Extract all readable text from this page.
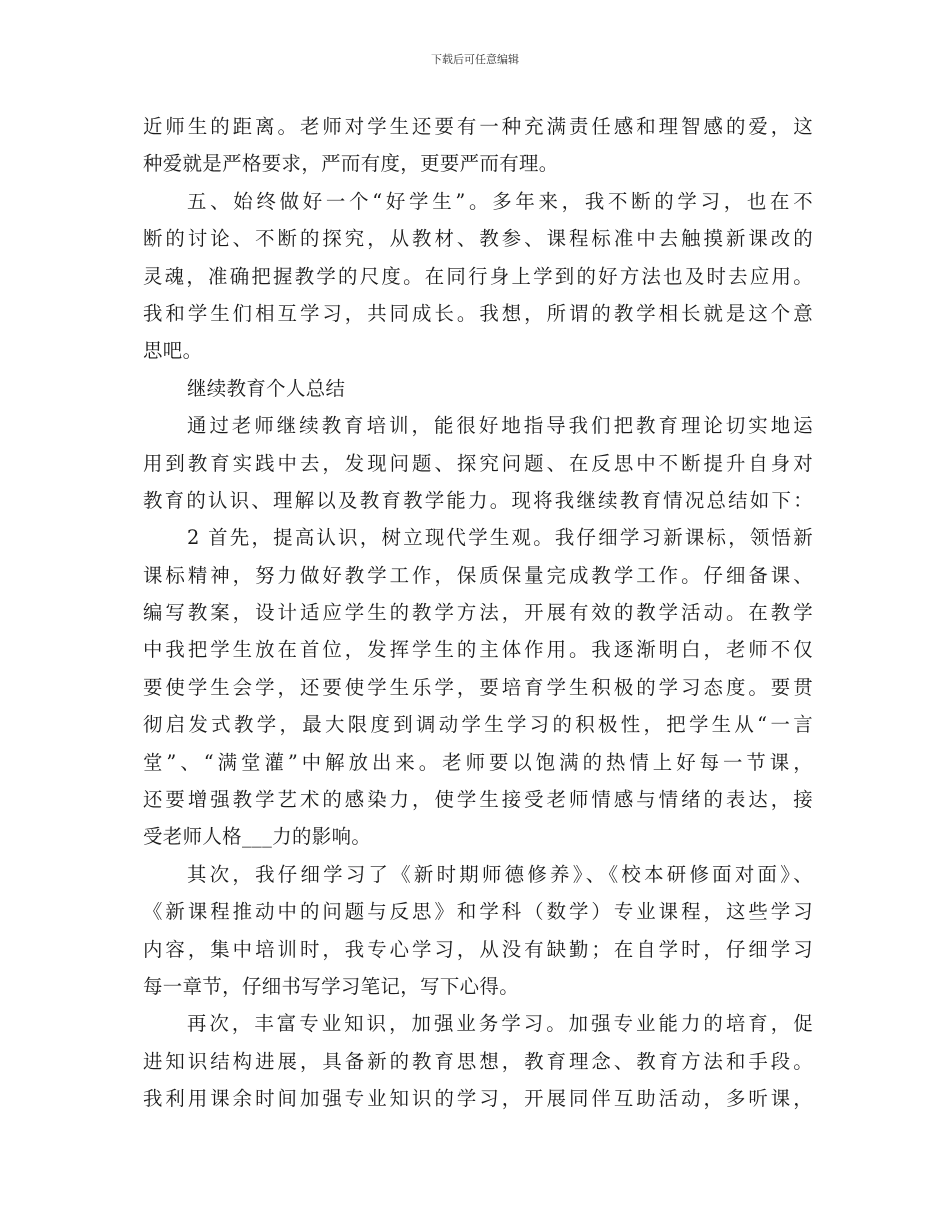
下载后可任意编辑
近师生的距离。老师对学生还要有一种充满责任感和理智感的爱，这
种爱就是严格要求，严而有度，更要严而有理。
五、始终做好一个“好学生”。多年来，我不断的学习，也在不
断的讨论、不断的探究，从教材、教参、课程标准中去触摸新课改的
灵魂，准确把握教学的尺度。在同行身上学到的好方法也及时去应用。
我和学生们相互学习，共同成长。我想，所谓的教学相长就是这个意
思吧。
继续教育个人总结
通过老师继续教育培训，能很好地指导我们把教育理论切实地运
用到教育实践中去，发现问题、探究问题、在反思中不断提升自身对
教育的认识、理解以及教育教学能力。现将我继续教育情况总结如下：
2 首先，提高认识，树立现代学生观。我仔细学习新课标，领悟新
课标精神，努力做好教学工作，保质保量完成教学工作。仔细备课、
编写教案，设计适应学生的教学方法，开展有效的教学活动。在教学
中我把学生放在首位，发挥学生的主体作用。我逐渐明白，老师不仅
要使学生会学，还要使学生乐学，要培育学生积极的学习态度。要贯
彻启发式教学，最大限度到调动学生学习的积极性，把学生从“一言
堂”、“满堂灌”中解放出来。老师要以饱满的热情上好每一节课，
还要增强教学艺术的感染力，使学生接受老师情感与情绪的表达，接
受老师人格___力的影响。
其次，我仔细学习了《新时期师德修养》、《校本研修面对面》、
《新课程推动中的问题与反思》和学科（数学）专业课程，这些学习
内容，集中培训时，我专心学习，从没有缺勤；在自学时，仔细学习
每一章节，仔细书写学习笔记，写下心得。
再次，丰富专业知识，加强业务学习。加强专业能力的培育，促
进知识结构进展，具备新的教育思想，教育理念、教育方法和手段。
我利用课余时间加强专业知识的学习，开展同伴互助活动，多听课，
